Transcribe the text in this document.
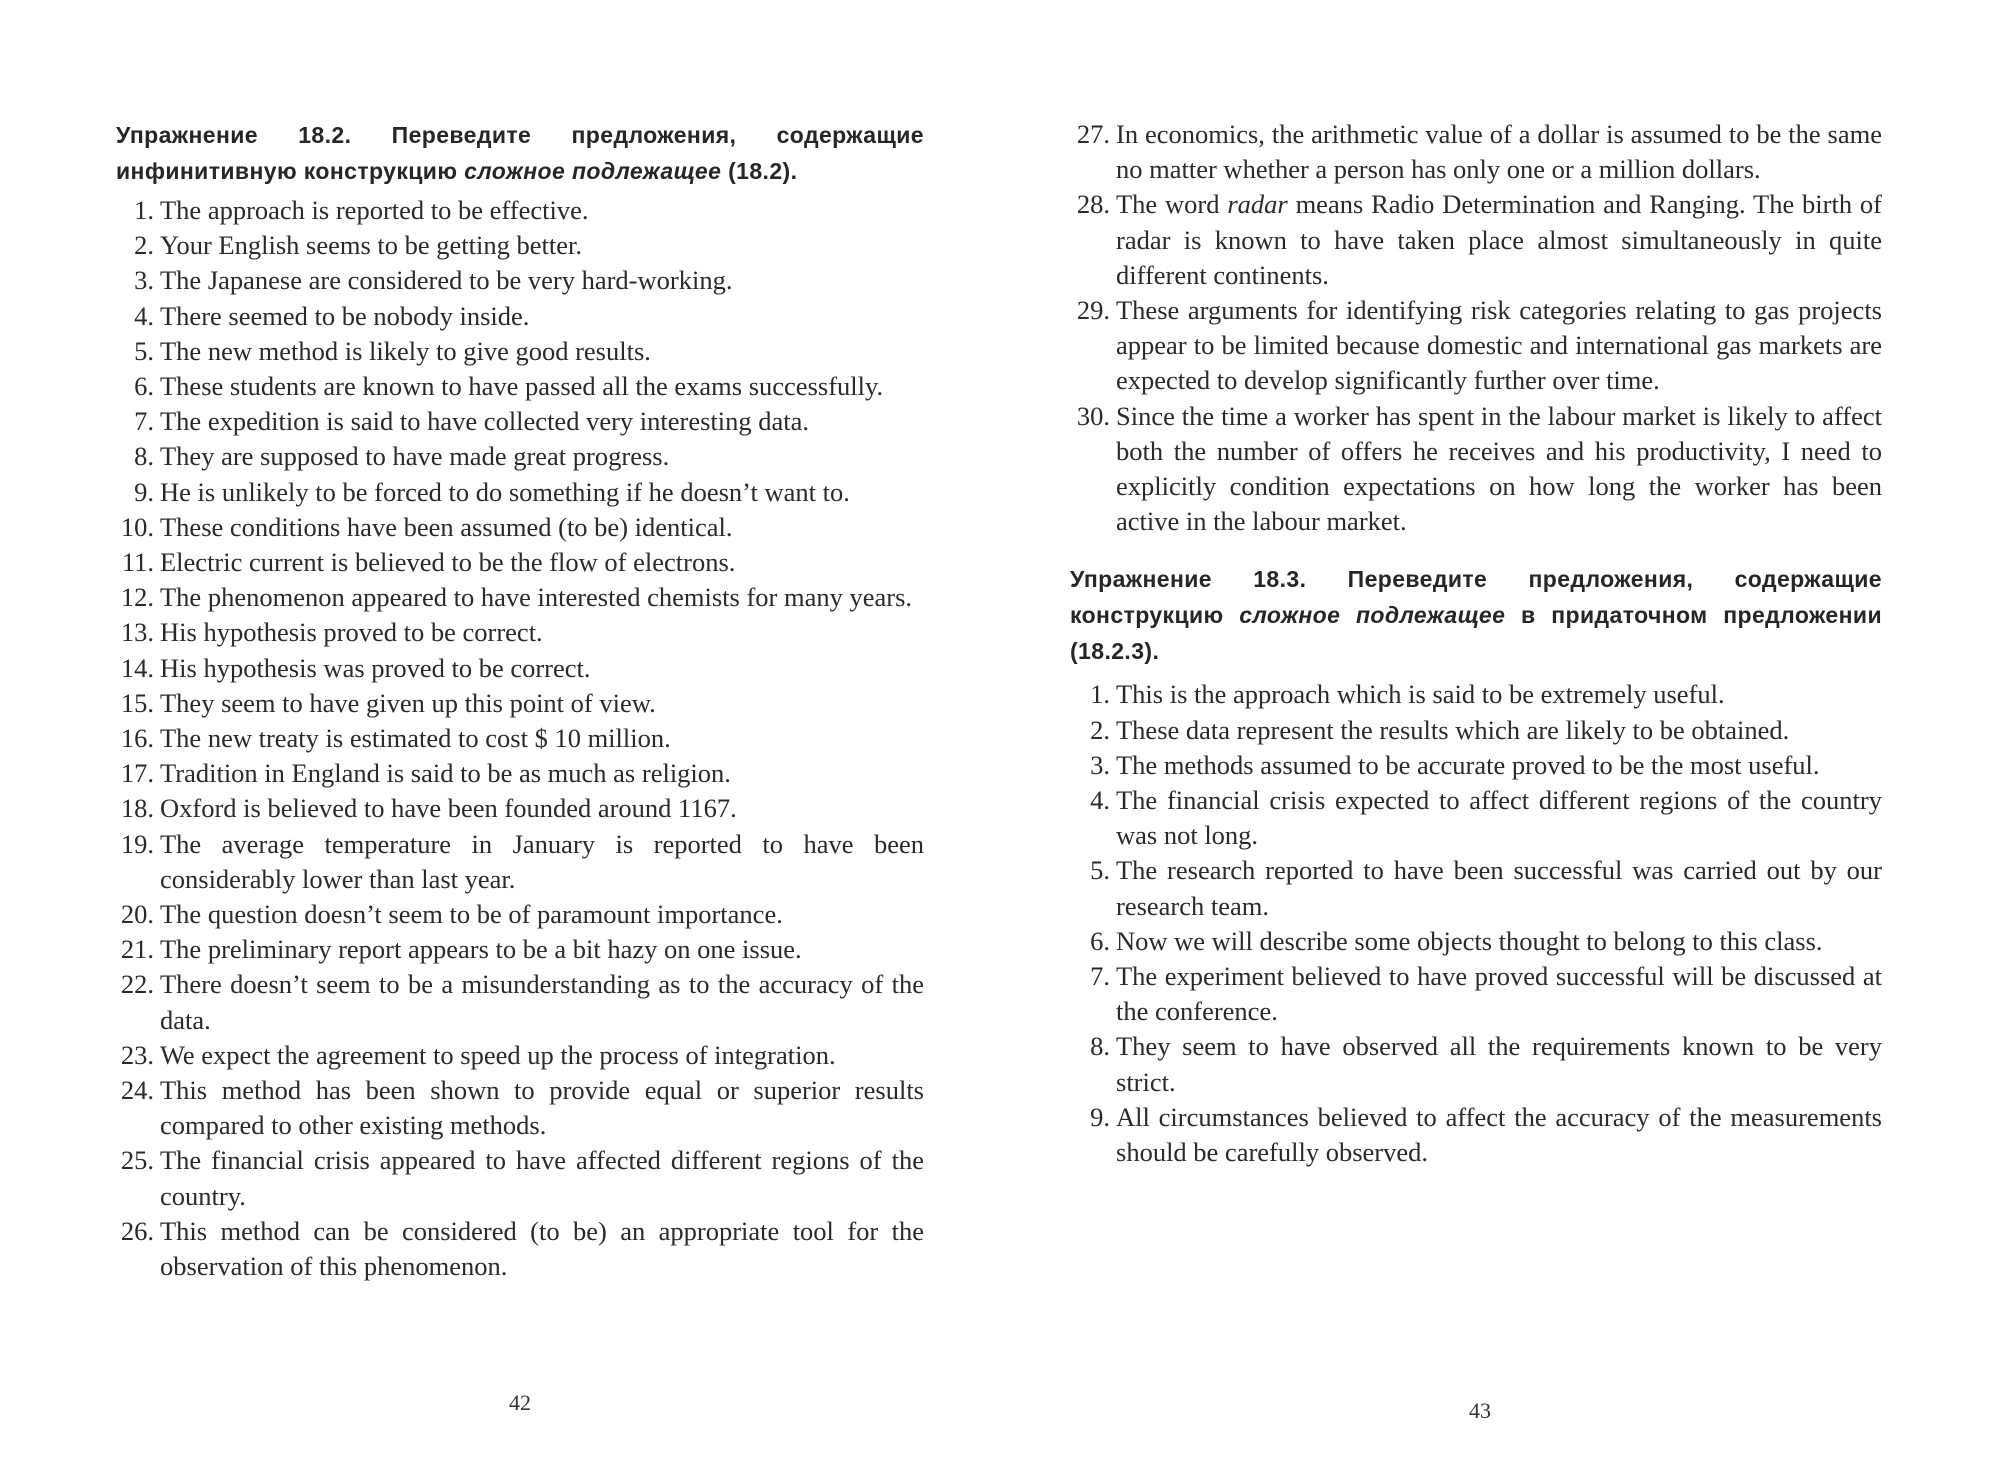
Упражнение 18.2. Переведите предложения, содержащие инфинитивную конструкцию сложное подлежащее (18.2).

1. The approach is reported to be effective.
2. Your English seems to be getting better.
3. The Japanese are considered to be very hard-working.
4. There seemed to be nobody inside.
5. The new method is likely to give good results.
6. These students are known to have passed all the exams successfully.
7. The expedition is said to have collected very interesting data.
8. They are supposed to have made great progress.
9. He is unlikely to be forced to do something if he doesn’t want to.
10. These conditions have been assumed (to be) identical.
11. Electric current is believed to be the flow of electrons.
12. The phenomenon appeared to have interested chemists for many years.
13. His hypothesis proved to be correct.
14. His hypothesis was proved to be correct.
15. They seem to have given up this point of view.
16. The new treaty is estimated to cost $ 10 million.
17. Tradition in England is said to be as much as religion.
18. Oxford is believed to have been founded around 1167.
19. The average temperature in January is reported to have been considerably lower than last year.
20. The question doesn’t seem to be of paramount importance.
21. The preliminary report appears to be a bit hazy on one issue.
22. There doesn’t seem to be a misunderstanding as to the accuracy of the data.
23. We expect the agreement to speed up the process of integration.
24. This method has been shown to provide equal or superior results compared to other existing methods.
25. The financial crisis appeared to have affected different regions of the country.
26. This method can be considered (to be) an appropriate tool for the observation of this phenomenon.
42
27. In economics, the arithmetic value of a dollar is assumed to be the same no matter whether a person has only one or a million dollars.
28. The word radar means Radio Determination and Ranging. The birth of radar is known to have taken place almost simultaneously in quite different continents.
29. These arguments for identifying risk categories relating to gas projects appear to be limited because domestic and international gas markets are expected to develop significantly further over time.
30. Since the time a worker has spent in the labour market is likely to affect both the number of offers he receives and his productivity, I need to explicitly condition expectations on how long the worker has been active in the labour market.

Упражнение 18.3. Переведите предложения, содержащие конструкцию сложное подлежащее в придаточном предложении (18.2.3).

1. This is the approach which is said to be extremely useful.
2. These data represent the results which are likely to be obtained.
3. The methods assumed to be accurate proved to be the most useful.
4. The financial crisis expected to affect different regions of the country was not long.
5. The research reported to have been successful was carried out by our research team.
6. Now we will describe some objects thought to belong to this class.
7. The experiment believed to have proved successful will be discussed at the conference.
8. They seem to have observed all the requirements known to be very strict.
9. All circumstances believed to affect the accuracy of the measurements should be carefully observed.
43
